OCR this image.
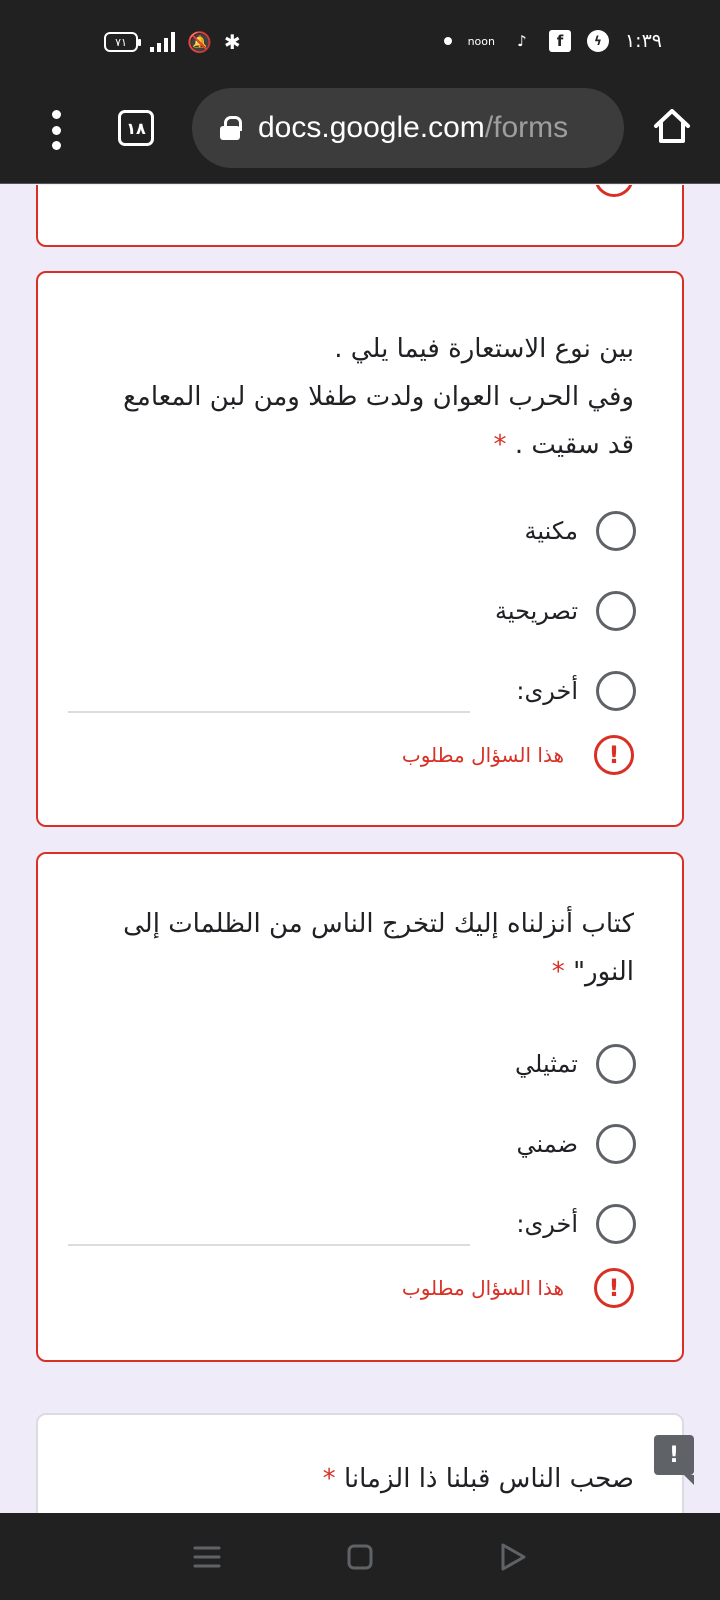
٧١	🔕 ✱	noon	♪	f	ϟ	١:٣٩
١٨	docs.google.com /forms
بين نوع الاستعارة فيما يلي .
وفي الحرب العوان ولدت طفلا ومن لبن المعامع
قد سقيت . *
مكنية
تصريحية
أخرى:
!
هذا السؤال مطلوب
كتاب أنزلناه إليك لتخرج الناس من الظلمات إلى
النور" *
تمثيلي
ضمني
أخرى:
!
هذا السؤال مطلوب
صحب الناس قبلنا ذا الزمانا *
!
